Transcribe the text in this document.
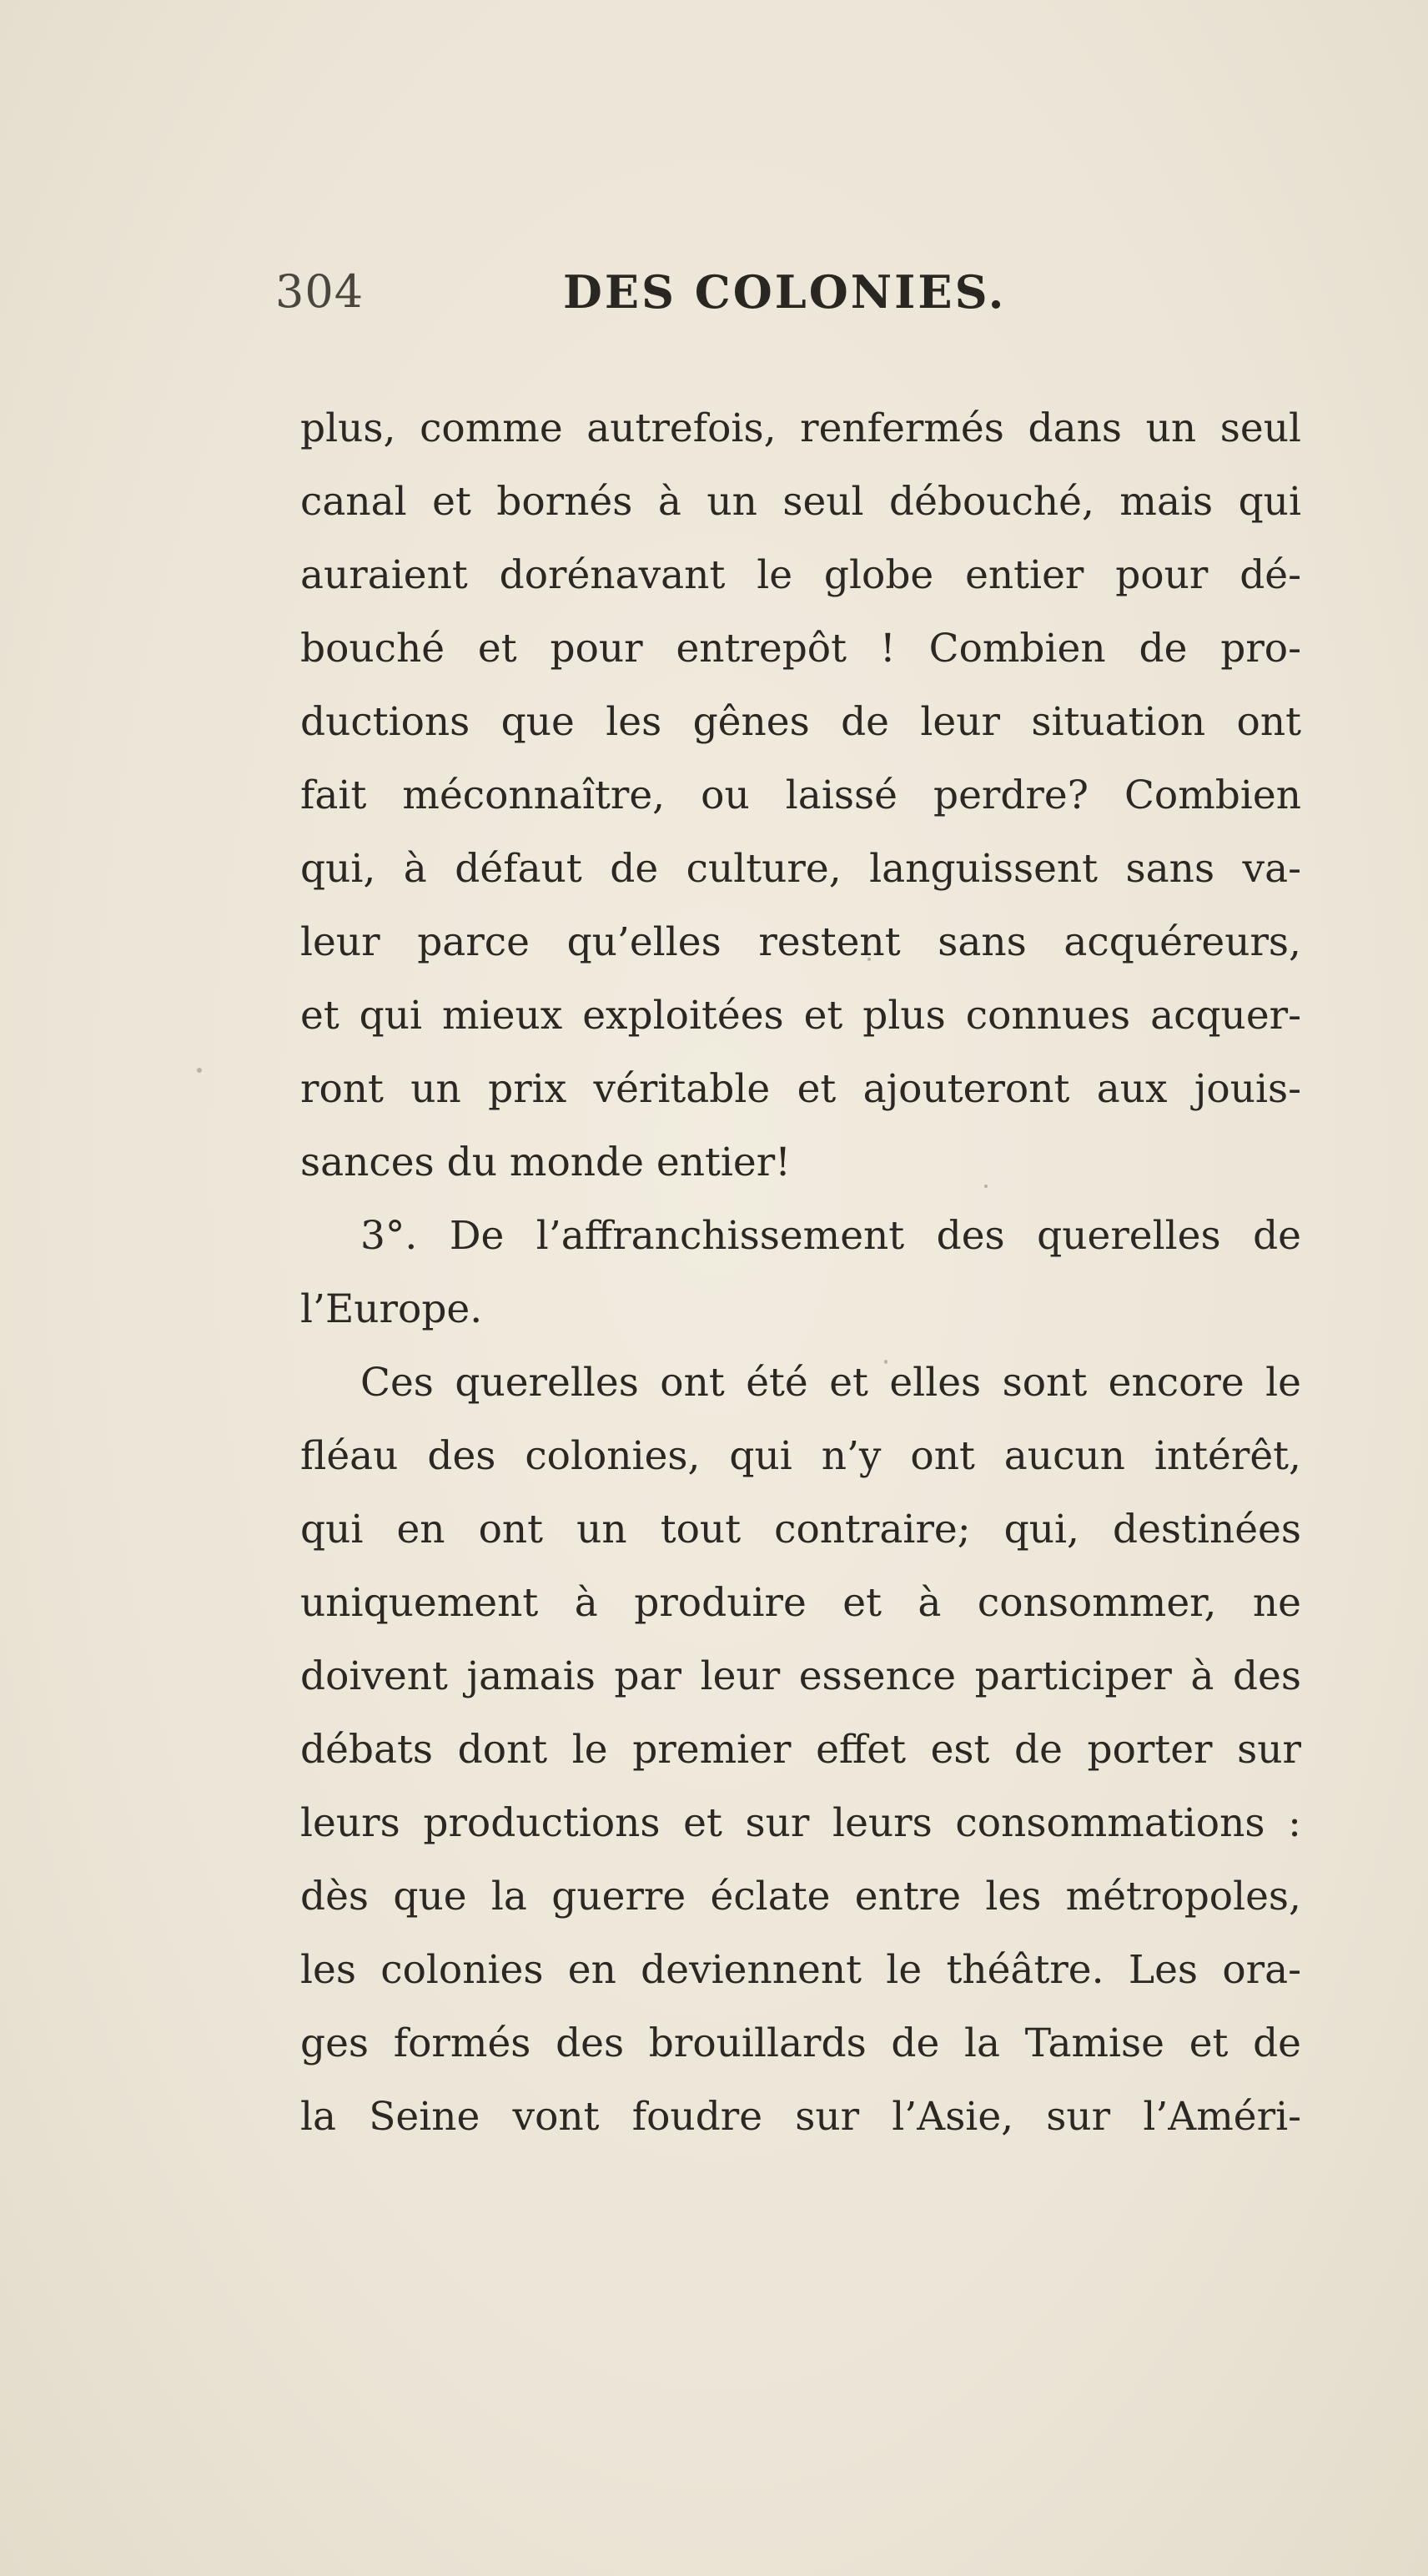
304	DES COLONIES.
plus, comme autrefois, renfermés dans un seul
canal et bornés à un seul débouché, mais qui
auraient dorénavant le globe entier pour dé-
bouché et pour entrepôt ! Combien de pro-
ductions que les gênes de leur situation ont
fait méconnaître, ou laissé perdre? Combien
qui, à défaut de culture, languissent sans va-
leur parce qu’elles restent sans acquéreurs,
et qui mieux exploitées et plus connues acquer-
ront un prix véritable et ajouteront aux jouis-
sances du monde entier!
3°. De l’affranchissement des querelles de
l’Europe.
Ces querelles ont été et elles sont encore le
fléau des colonies, qui n’y ont aucun intérêt,
qui en ont un tout contraire; qui, destinées
uniquement à produire et à consommer, ne
doivent jamais par leur essence participer à des
débats dont le premier effet est de porter sur
leurs productions et sur leurs consommations :
dès que la guerre éclate entre les métropoles,
les colonies en deviennent le théâtre. Les ora-
ges formés des brouillards de la Tamise et de
la Seine vont foudre sur l’Asie, sur l’Améri-
